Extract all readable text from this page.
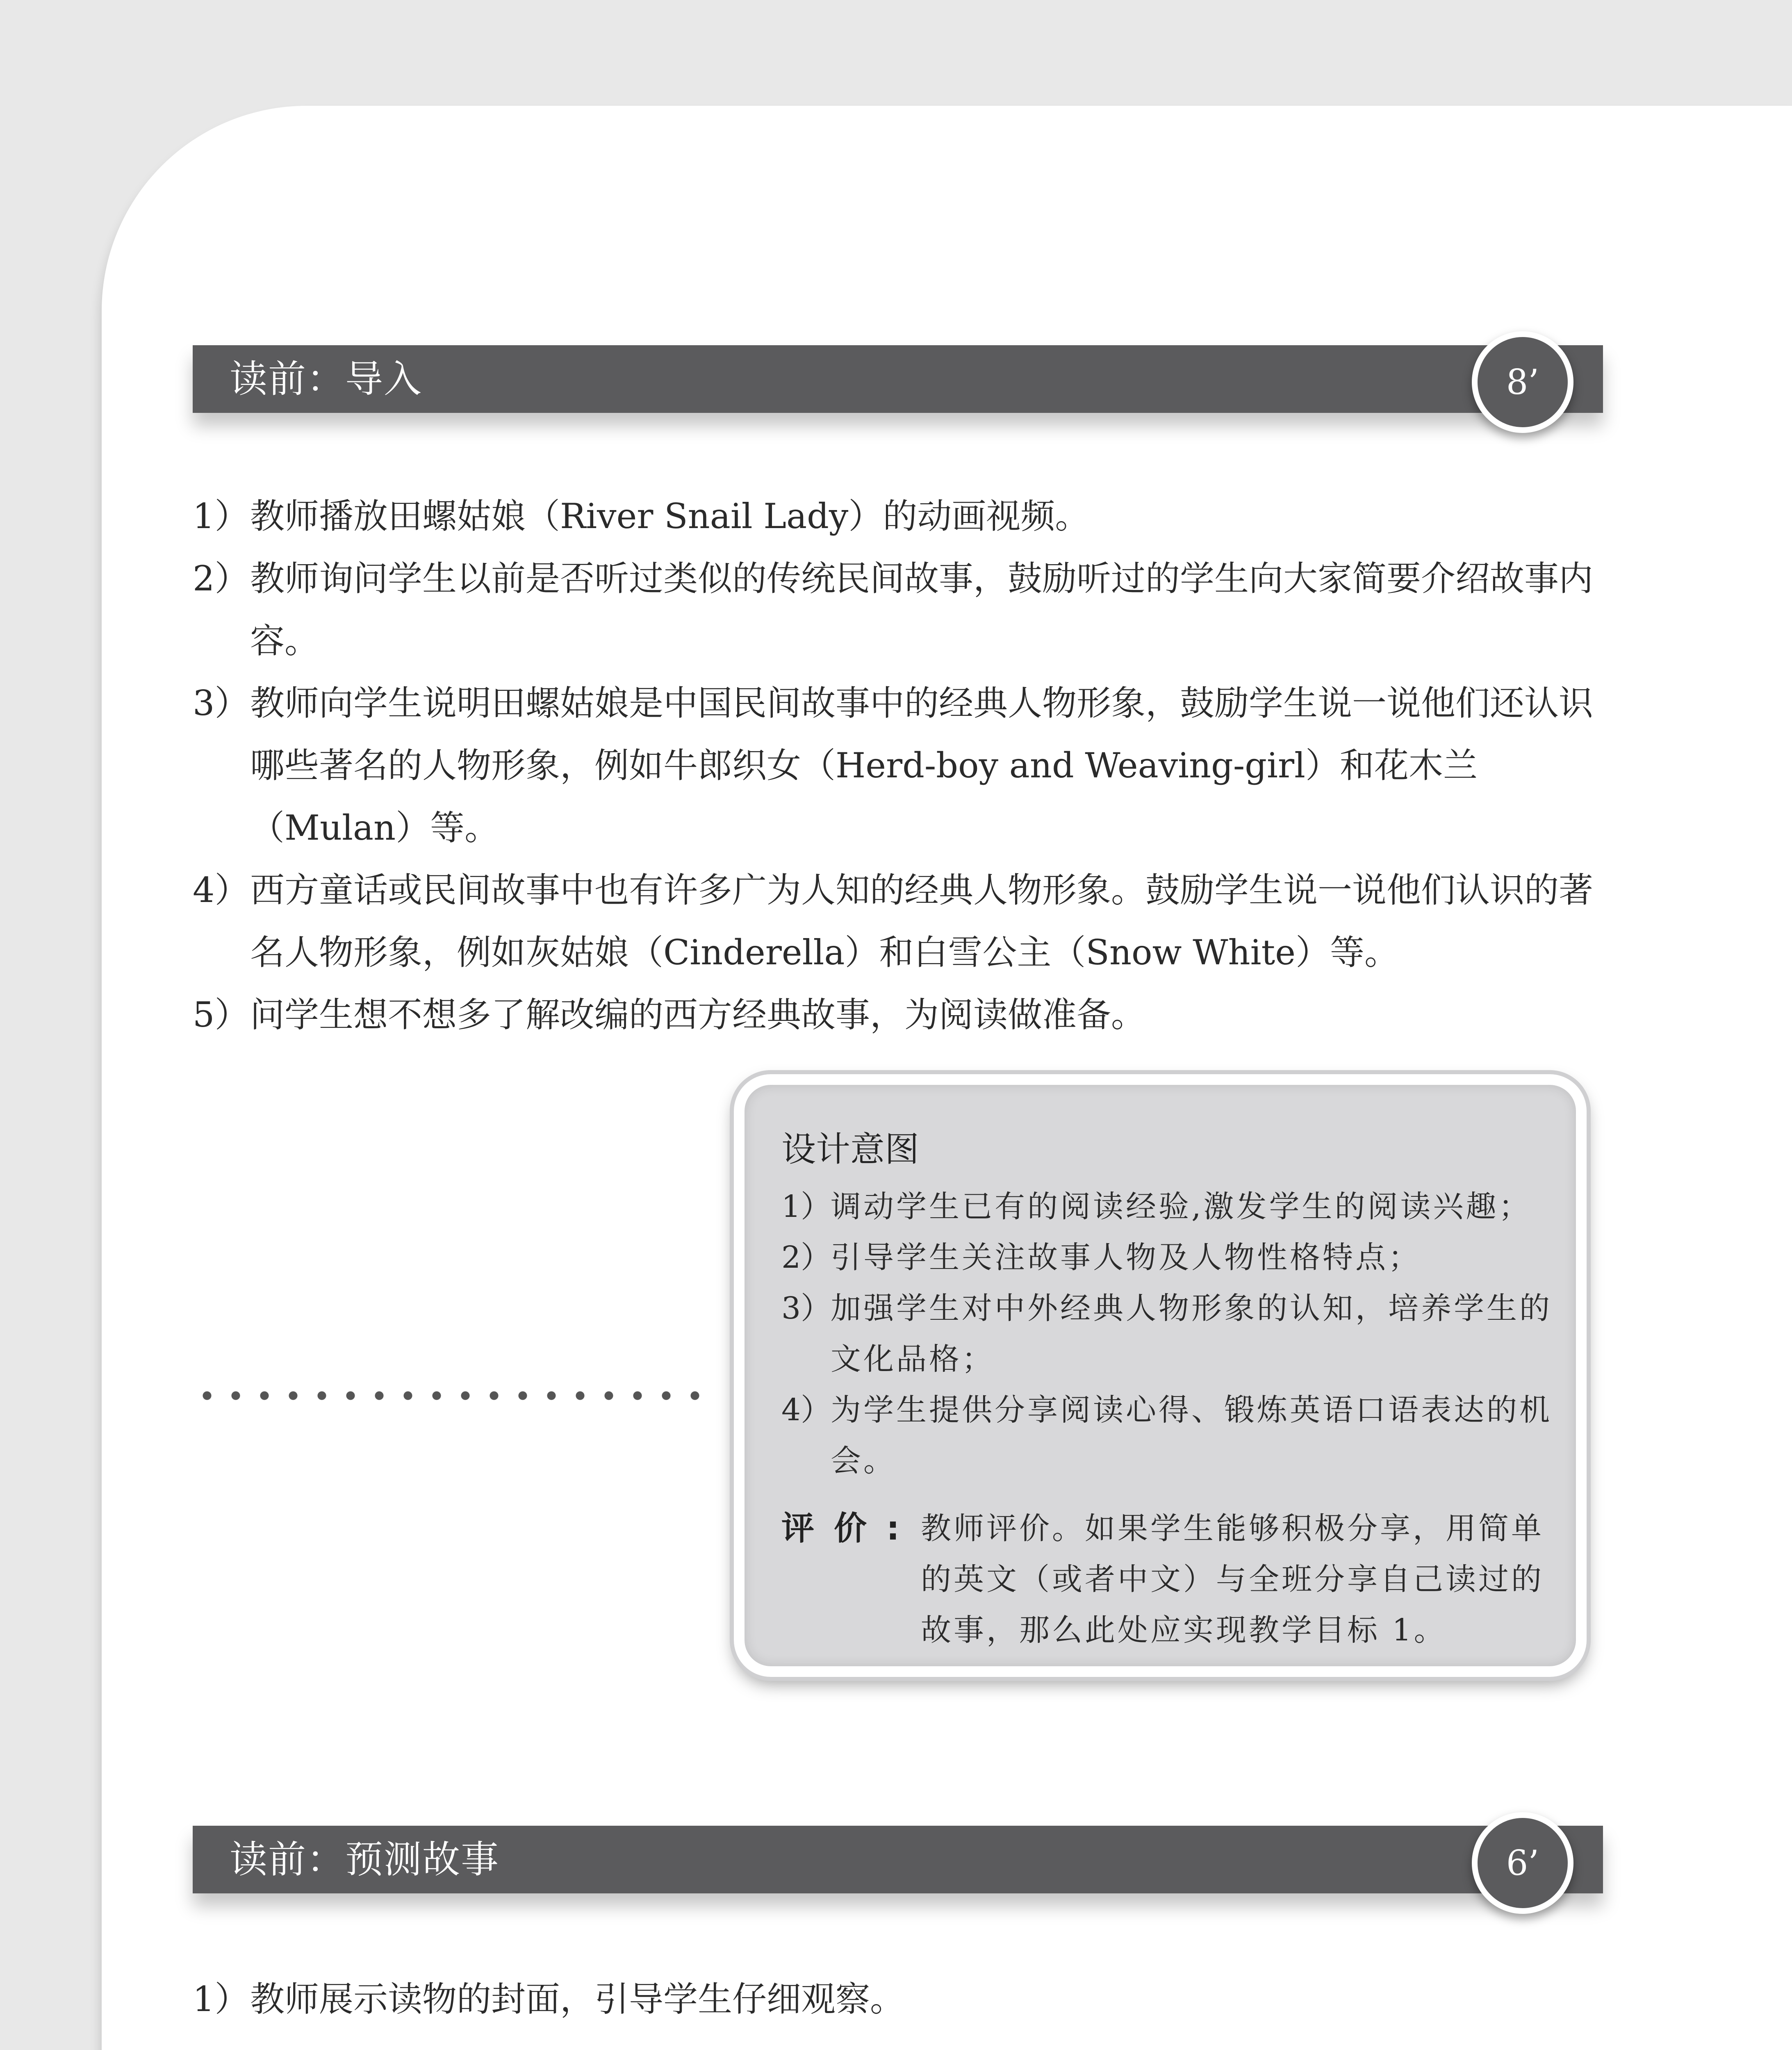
读前：导入	8’
1） 教师播放田螺姑娘（River Snail Lady）的动画视频。
2） 教师询问学生以前是否听过类似的传统民间故事，鼓励听过的学生向大家简要介绍故事内容。
3） 教师向学生说明田螺姑娘是中国民间故事中的经典人物形象，鼓励学生说一说他们还认识哪些著名的人物形象，例如牛郎织女（Herd-boy and Weaving-girl）和花木兰（Mulan）等。
4） 西方童话或民间故事中也有许多广为人知的经典人物形象。鼓励学生说一说他们认识的著名人物形象，例如灰姑娘（Cinderella）和白雪公主（Snow White）等。
5） 问学生想不想多了解改编的西方经典故事，为阅读做准备。
设计意图
1）
调动学生已有的阅读经验,激发学生的阅读兴趣；
2）
引导学生关注故事人物及人物性格特点；
3）
加强学生对中外经典人物形象的认知，培养学生的文化品格；
4）
为学生提供分享阅读心得、锻炼英语口语表达的机会。
评价: 教师评价。如果学生能够积极分享，用简单的英文（或者中文）与全班分享自己读过的故事，那么此处应实现教学目标 1。
读前：预测故事	6’
1） 教师展示读物的封面，引导学生仔细观察。
